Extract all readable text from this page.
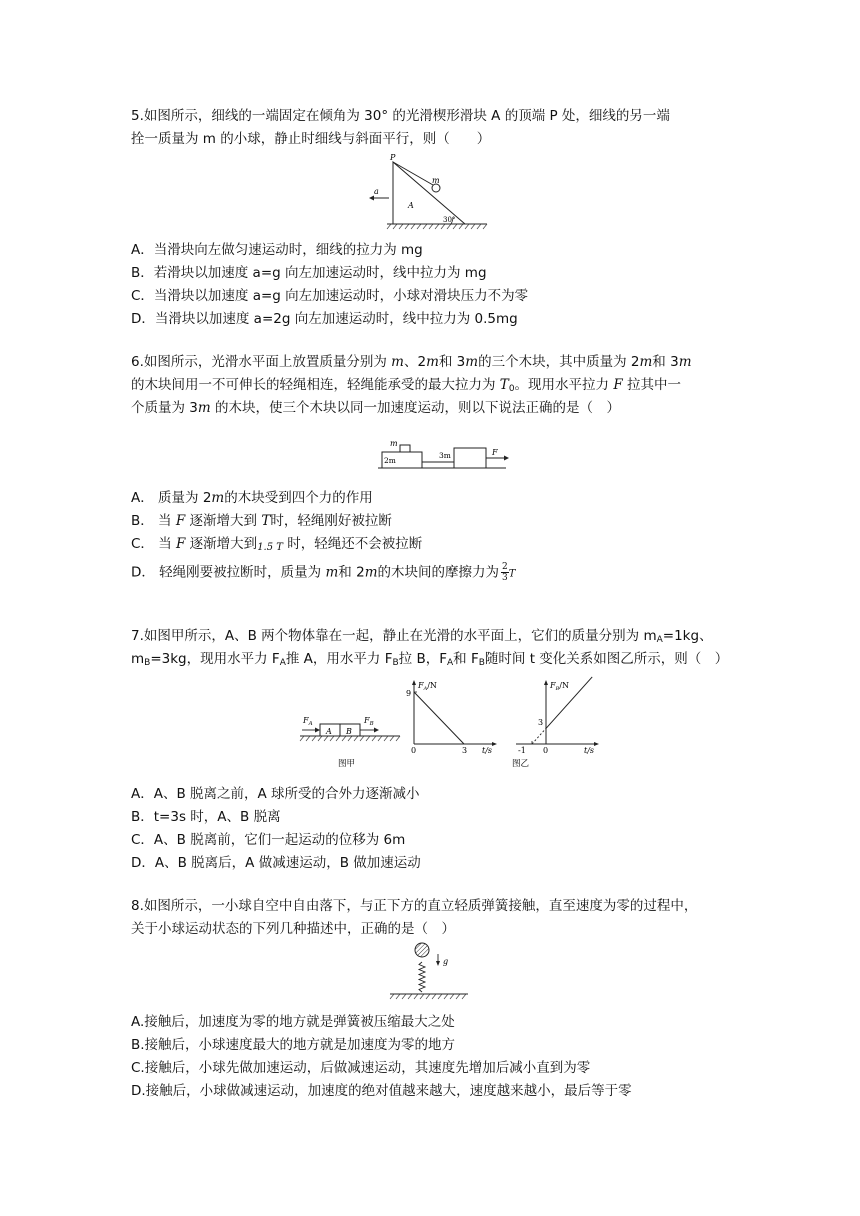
5.如图所示，细线的一端固定在倾角为 30° 的光滑楔形滑块 A 的顶端 P 处，细线的另一端
拴一质量为 m 的小球，静止时细线与斜面平行，则（　　）
P
m
a
A
30°
A．当滑块向左做匀速运动时，细线的拉力为 mg
B．若滑块以加速度 a=g 向左加速运动时，线中拉力为 mg
C．当滑块以加速度 a=g 向左加速运动时，小球对滑块压力不为零
D．当滑块以加速度 a=2g 向左加速运动时，线中拉力为 0.5mg
6.如图所示，光滑水平面上放置质量分别为 m、2m和 3m的三个木块，其中质量为 2m和 3m
的木块间用一不可伸长的轻绳相连，轻绳能承受的最大拉力为 $T_0$。现用水平拉力 F 拉其中一
个质量为 3m 的木块，使三个木块以同一加速度运动，则以下说法正确的是（　）
m
2m
3m	F
A． 质量为 2m的木块受到四个力的作用
B． 当 F 逐渐增大到 T时，轻绳刚好被拉断
C． 当 F 逐渐增大到1.5 T 时，轻绳还不会被拉断
D． 轻绳刚要被拉断时，质量为 m和 2m的木块间的摩擦力为 $\frac{2}{3}$ T
7.如图甲所示，A、B 两个物体靠在一起，静止在光滑的水平面上，它们的质量分别为 $m_A=1kg$、
$m_B=3kg$，现用水平力 $F_A$推 A，用水平力 $F_B$拉 B，$F_A$和 $F_B$随时间 t 变化关系如图乙所示，则（　）
$F_A$	$F_B$
A B
图甲
$F_A/N$
9
0	3 t/s
$F_B/N$
3
-1 0	t/s
图乙
A．A、B 脱离之前，A 球所受的合外力逐渐减小
B．t=3s 时，A、B 脱离
C．A、B 脱离前，它们一起运动的位移为 6m
D．A、B 脱离后，A 做减速运动，B 做加速运动
8.如图所示，一小球自空中自由落下，与正下方的直立轻质弹簧接触，直至速度为零的过程中，
关于小球运动状态的下列几种描述中，正确的是（　）
g
A.接触后，加速度为零的地方就是弹簧被压缩最大之处
B.接触后，小球速度最大的地方就是加速度为零的地方
C.接触后，小球先做加速运动，后做减速运动，其速度先增加后减小直到为零
D.接触后，小球做减速运动，加速度的绝对值越来越大，速度越来越小，最后等于零
